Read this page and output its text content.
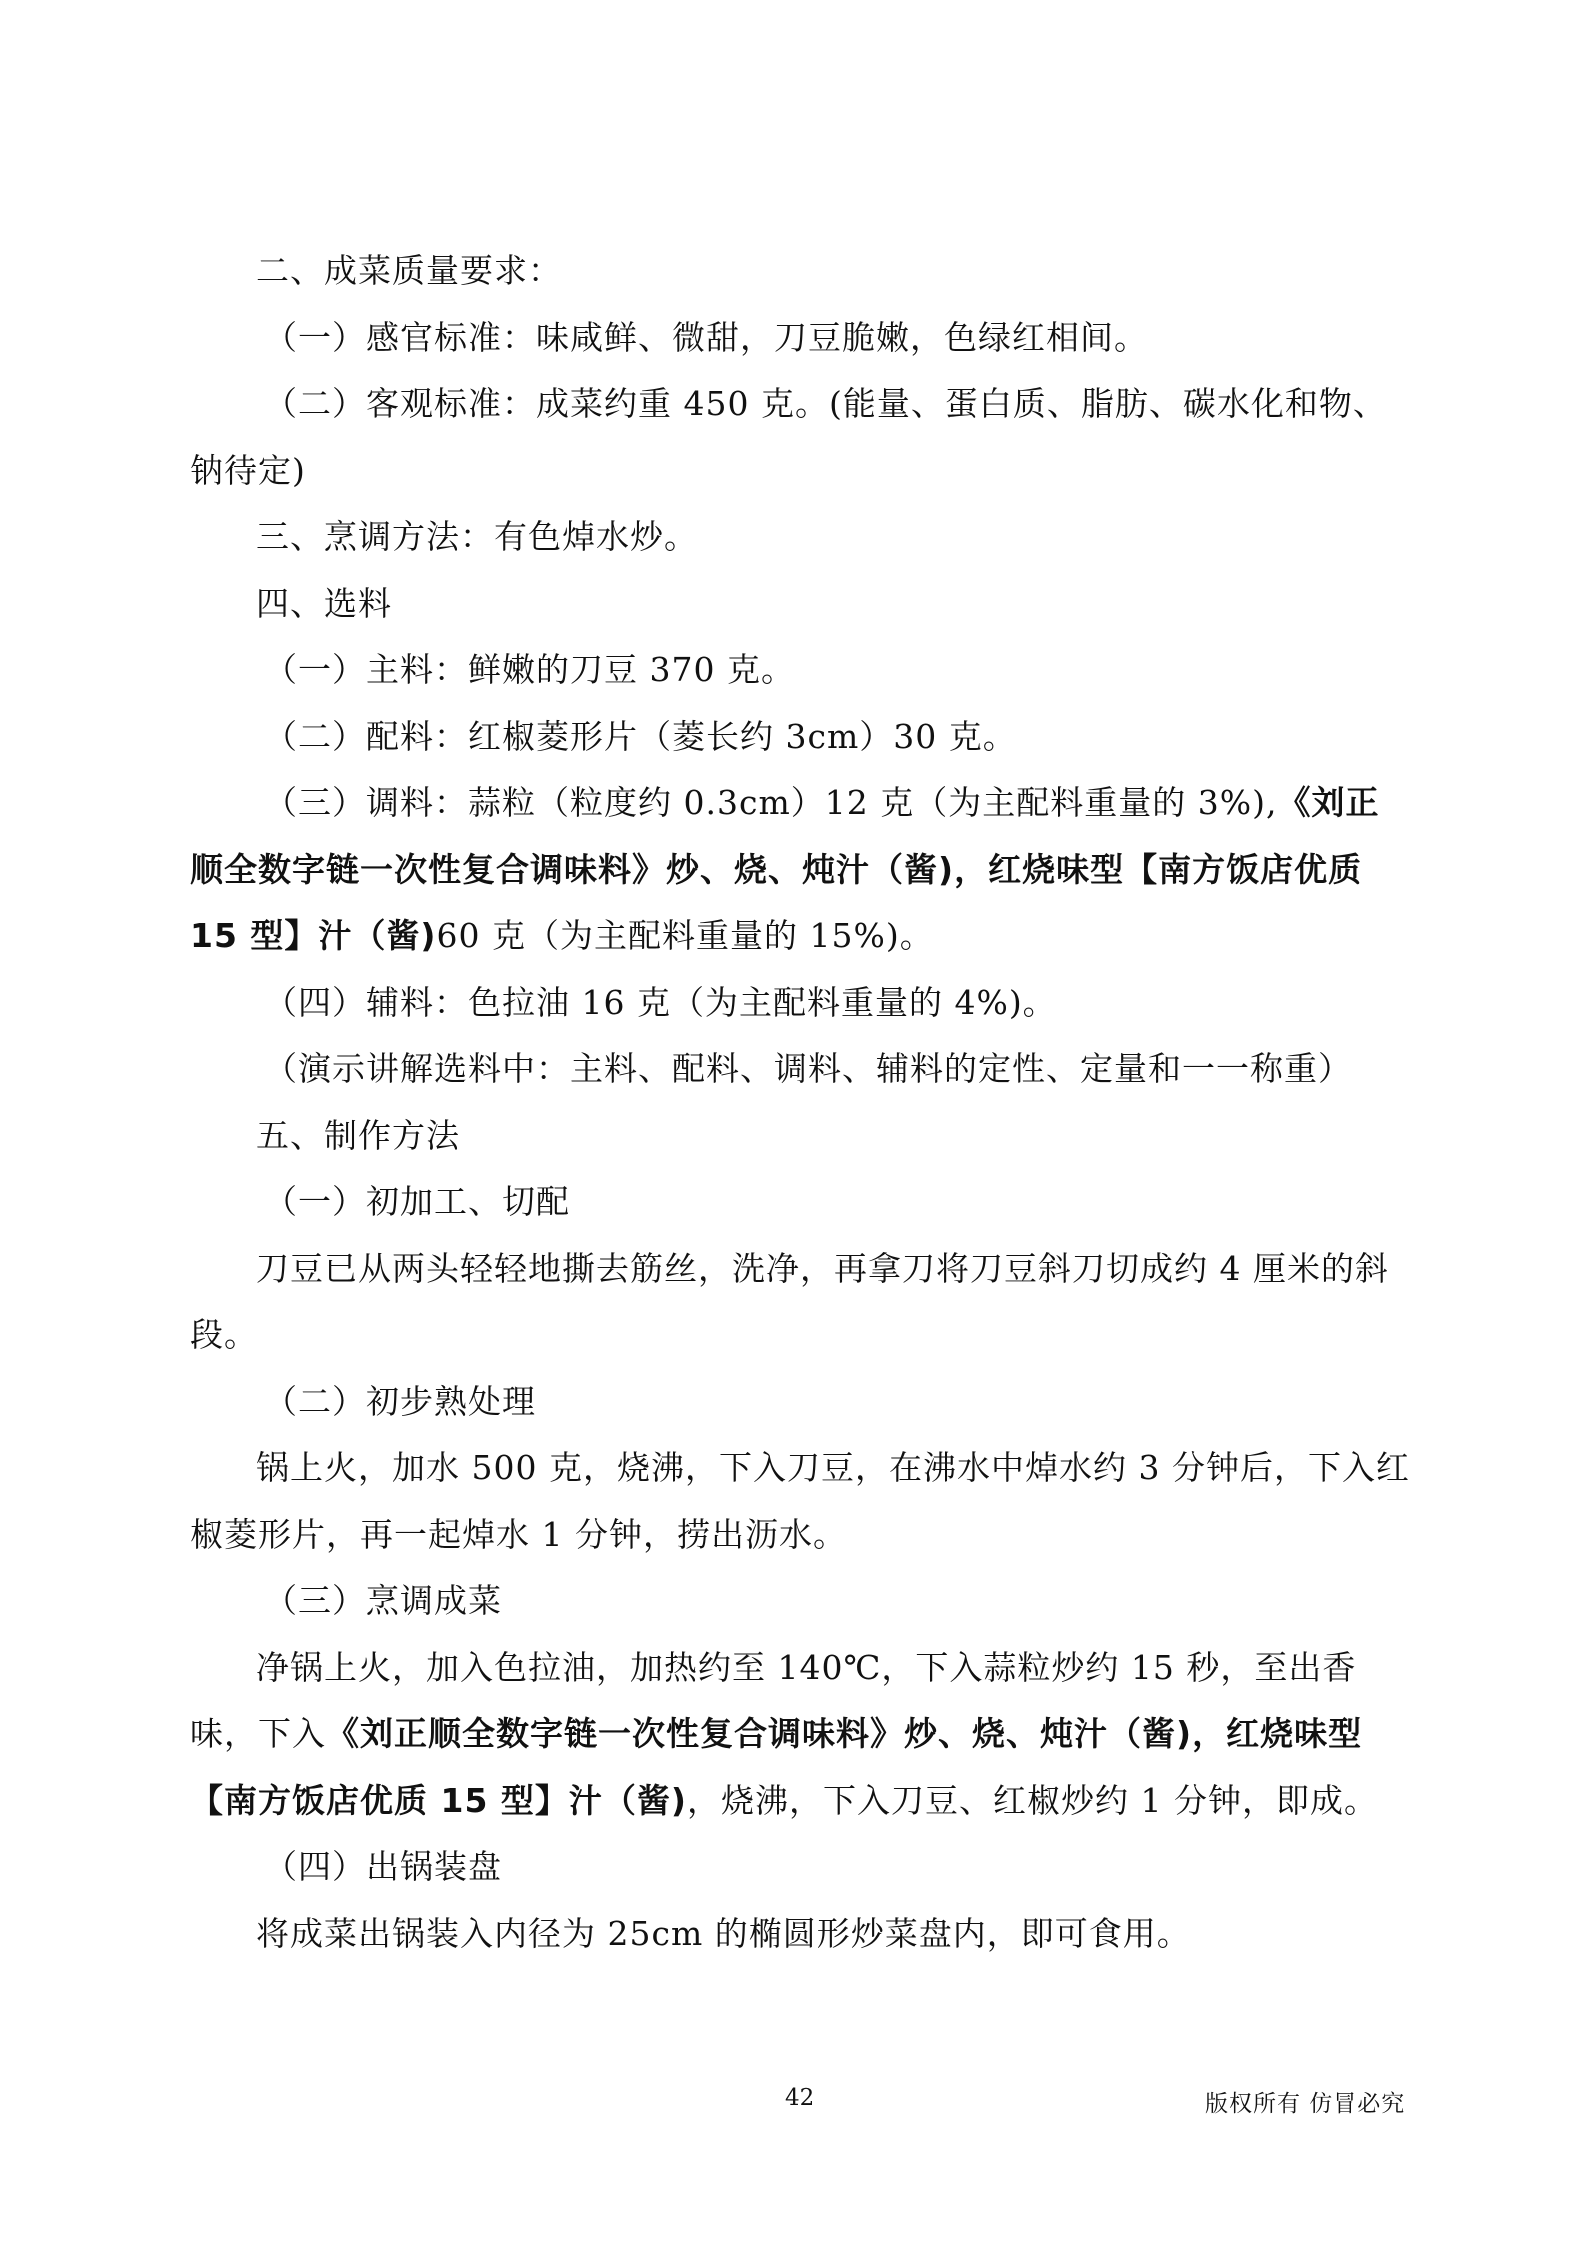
二、成菜质量要求：

（一）感官标准：味咸鲜、微甜，刀豆脆嫩，色绿红相间。

（二）客观标准：成菜约重 450 克。(能量、蛋白质、脂肪、碳水化和物、钠待定)

三、烹调方法：有色焯水炒。

四、选料

（一）主料：鲜嫩的刀豆 370 克。

（二）配料：红椒菱形片（菱长约 3cm）30 克。

（三）调料：蒜粒（粒度约 0.3cm）12 克（为主配料重量的 3%),《刘正顺全数字链一次性复合调味料》炒、烧、炖汁（酱)，红烧味型【南方饭店优质 15 型】汁（酱)60 克（为主配料重量的 15%)。

（四）辅料：色拉油 16 克（为主配料重量的 4%)。

（演示讲解选料中：主料、配料、调料、辅料的定性、定量和一一称重）

五、制作方法

（一）初加工、切配

刀豆已从两头轻轻地撕去筋丝，洗净，再拿刀将刀豆斜刀切成约 4 厘米的斜段。

（二）初步熟处理

锅上火，加水 500 克，烧沸，下入刀豆，在沸水中焯水约 3 分钟后，下入红椒菱形片，再一起焯水 1 分钟，捞出沥水。

（三）烹调成菜

净锅上火，加入色拉油，加热约至 140℃，下入蒜粒炒约 15 秒，至出香味，下入《刘正顺全数字链一次性复合调味料》炒、烧、炖汁（酱)，红烧味型【南方饭店优质 15 型】汁（酱)，烧沸，下入刀豆、红椒炒约 1 分钟，即成。

（四）出锅装盘

将成菜出锅装入内径为 25cm 的椭圆形炒菜盘内，即可食用。

42	版权所有 仿冒必究
